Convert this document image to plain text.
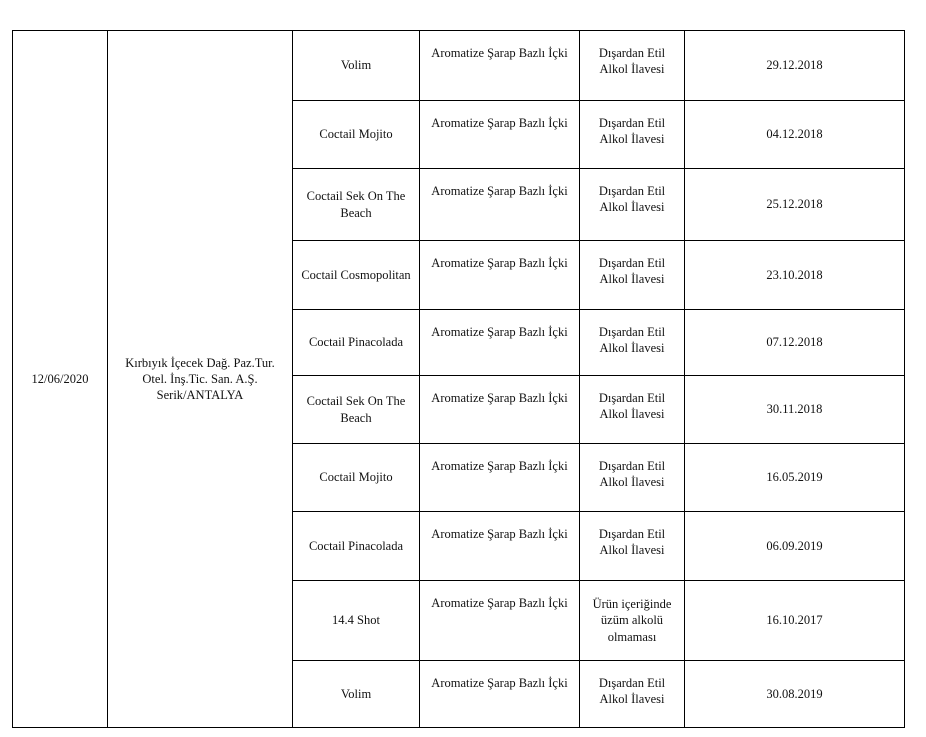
12/06/2020	Kırbıyık İçecek Dağ. Paz.Tur. Otel. İnş.Tic. San. A.Ş. Serik/ANTALYA	Volim	Aromatize Şarap Bazlı İçki	Dışardan Etil Alkol İlavesi	29.12.2018
		Coctail Mojito	Aromatize Şarap Bazlı İçki	Dışardan Etil Alkol İlavesi	04.12.2018
		Coctail Sek On The Beach	Aromatize Şarap Bazlı İçki	Dışardan Etil Alkol İlavesi	25.12.2018
		Coctail Cosmopolitan	Aromatize Şarap Bazlı İçki	Dışardan Etil Alkol İlavesi	23.10.2018
		Coctail Pinacolada	Aromatize Şarap Bazlı İçki	Dışardan Etil Alkol İlavesi	07.12.2018
		Coctail Sek On The Beach	Aromatize Şarap Bazlı İçki	Dışardan Etil Alkol İlavesi	30.11.2018
		Coctail Mojito	Aromatize Şarap Bazlı İçki	Dışardan Etil Alkol İlavesi	16.05.2019
		Coctail Pinacolada	Aromatize Şarap Bazlı İçki	Dışardan Etil Alkol İlavesi	06.09.2019
		14.4 Shot	Aromatize Şarap Bazlı İçki	Ürün içeriğinde üzüm alkolü olmaması	16.10.2017
		Volim	Aromatize Şarap Bazlı İçki	Dışardan Etil Alkol İlavesi	30.08.2019
